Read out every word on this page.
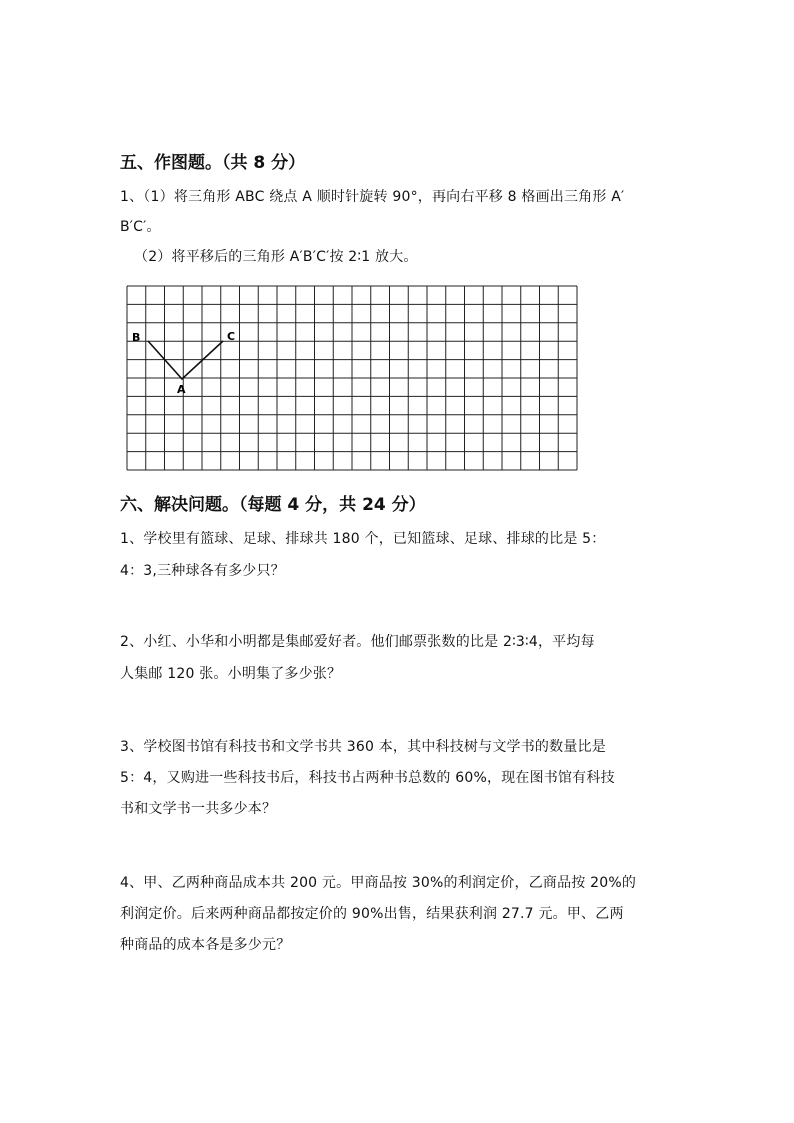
五、作图题。（共 8 分）
1、（1）将三角形 ABC 绕点 A 顺时针旋转 90°，再向右平移 8 格画出三角形 A′
B′C′。
（2）将平移后的三角形 A′B′C′按 2∶1 放大。
B	C
A
六、解决问题。（每题 4 分，共 24 分）
1、学校里有篮球、足球、排球共 180 个，已知篮球、足球、排球的比是 5：
4：3,三种球各有多少只？
2、小红、小华和小明都是集邮爱好者。他们邮票张数的比是 2∶3∶4，平均每
人集邮 120 张。小明集了多少张？
3、学校图书馆有科技书和文学书共 360 本，其中科技树与文学书的数量比是
5：4，又购进一些科技书后，科技书占两种书总数的 60%，现在图书馆有科技
书和文学书一共多少本？
4、甲、乙两种商品成本共 200 元。甲商品按 30%的利润定价，乙商品按 20%的
利润定价。后来两种商品都按定价的 90%出售，结果获利润 27.7 元。甲、乙两
种商品的成本各是多少元？
